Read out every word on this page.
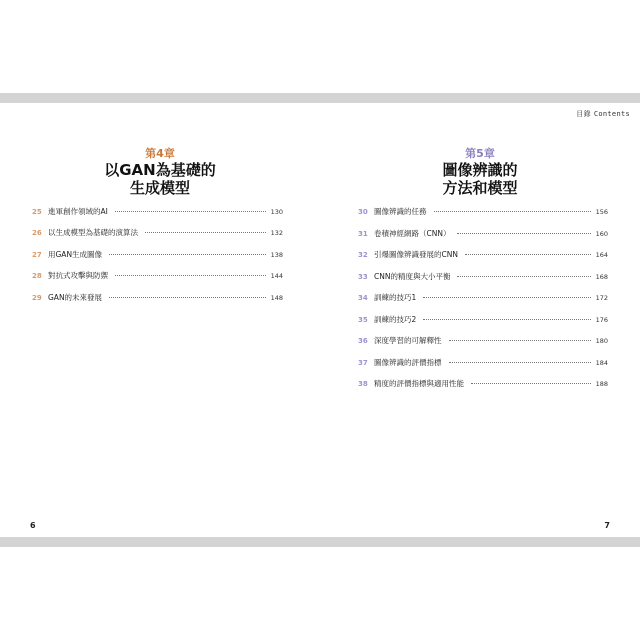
第4章
以GAN為基礎的
生成模型
25 進軍創作領域的AI	130
26 以生成模型為基礎的演算法	132
27 用GAN生成圖像	138
28 對抗式攻擊與防禦	144
29 GAN的未來發展	148
6
目錄 Contents
第5章
圖像辨識的
方法和模型
30 圖像辨識的任務	156
31 卷積神經網路（CNN）	160
32 引爆圖像辨識發展的CNN	164
33 CNN的精度與大小平衡	168
34 訓練的技巧1	172
35 訓練的技巧2	176
36 深度學習的可解釋性	180
37 圖像辨識的評價指標	184
38 精度的評價指標與適用性能	188
7
